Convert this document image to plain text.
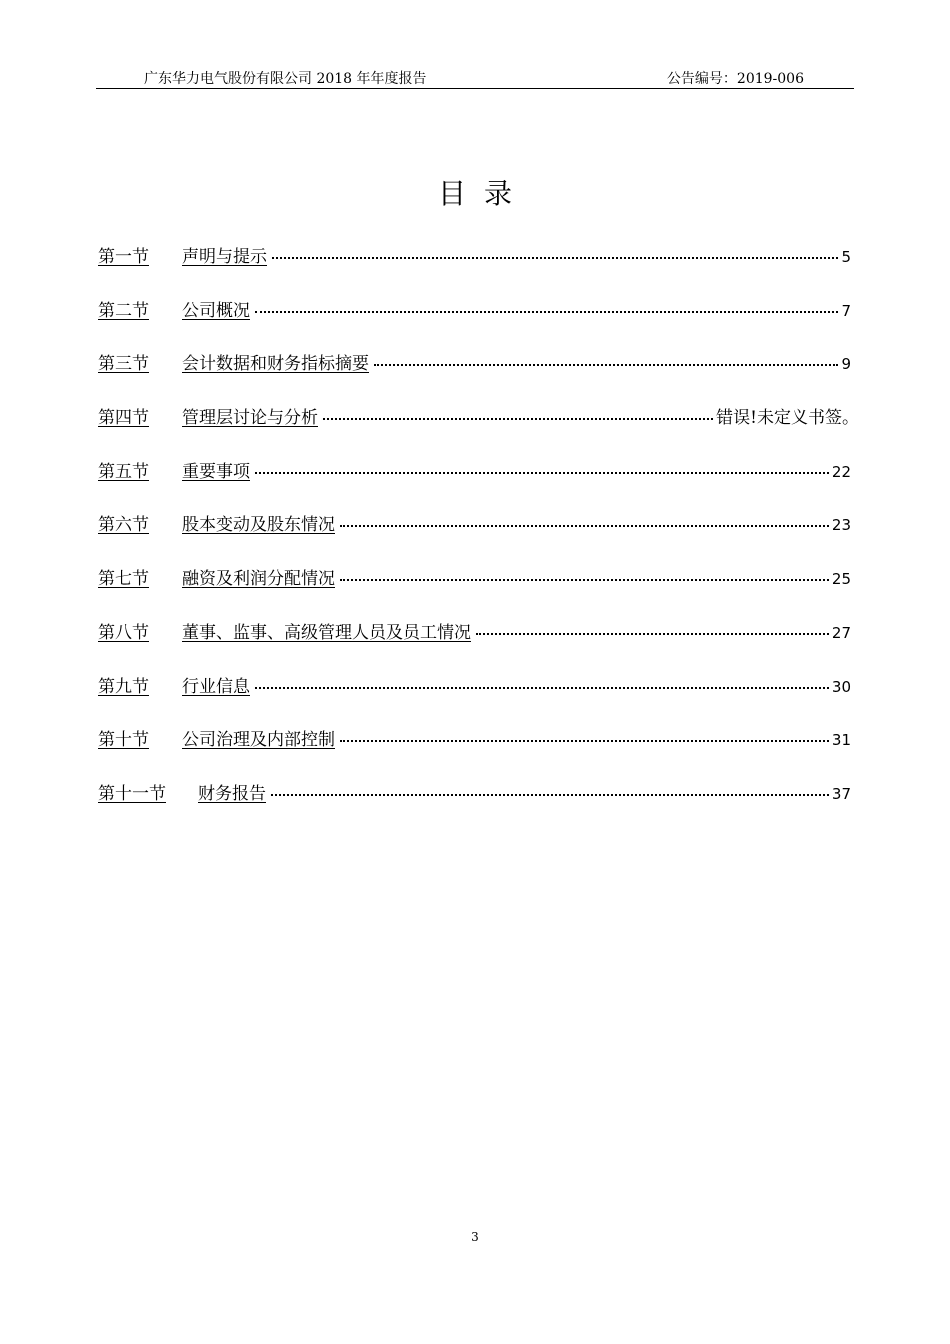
广东华力电气股份有限公司 2018 年年度报告	公告编号：2019-006
目录
第一节	声明与提示	5
第二节	公司概况	7
第三节	会计数据和财务指标摘要	9
第四节	管理层讨论与分析	错误!未定义书签。
第五节	重要事项	22
第六节	股本变动及股东情况	23
第七节	融资及利润分配情况	25
第八节	董事、监事、高级管理人员及员工情况	27
第九节	行业信息	30
第十节	公司治理及内部控制	31
第十一节	财务报告	37
3
